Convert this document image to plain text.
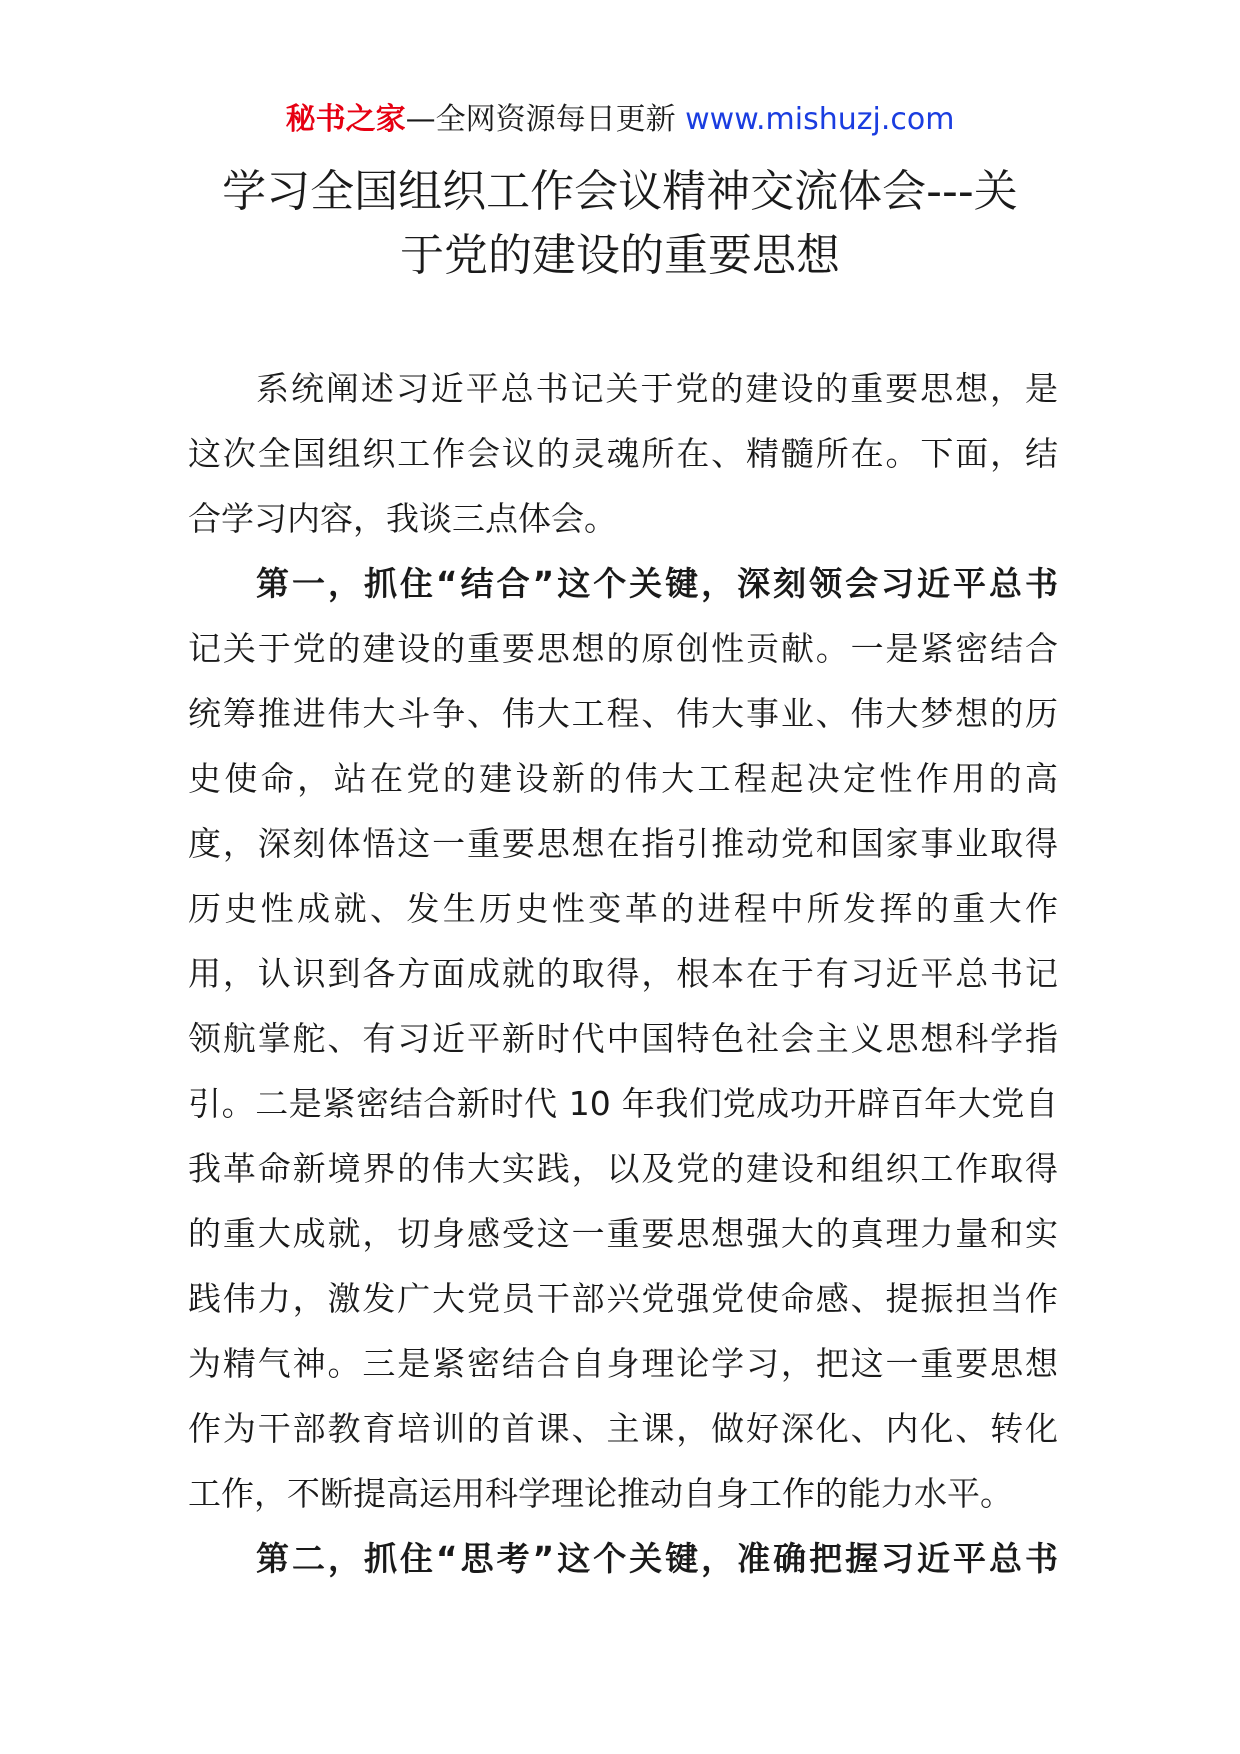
秘书之家—全网资源每日更新 www.mishuzj.com
学习全国组织工作会议精神交流体会---关
于党的建设的重要思想
系统阐述习近平总书记关于党的建设的重要思想，是
这次全国组织工作会议的灵魂所在、精髓所在。下面，结
合学习内容，我谈三点体会。
第一，抓住“结合”这个关键，深刻领会习近平总书
记关于党的建设的重要思想的原创性贡献。一是紧密结合
统筹推进伟大斗争、伟大工程、伟大事业、伟大梦想的历
史使命，站在党的建设新的伟大工程起决定性作用的高
度，深刻体悟这一重要思想在指引推动党和国家事业取得
历史性成就、发生历史性变革的进程中所发挥的重大作
用，认识到各方面成就的取得，根本在于有习近平总书记
领航掌舵、有习近平新时代中国特色社会主义思想科学指
引。二是紧密结合新时代 10 年我们党成功开辟百年大党自
我革命新境界的伟大实践，以及党的建设和组织工作取得
的重大成就，切身感受这一重要思想强大的真理力量和实
践伟力，激发广大党员干部兴党强党使命感、提振担当作
为精气神。三是紧密结合自身理论学习，把这一重要思想
作为干部教育培训的首课、主课，做好深化、内化、转化
工作，不断提高运用科学理论推动自身工作的能力水平。
第二，抓住“思考”这个关键，准确把握习近平总书
